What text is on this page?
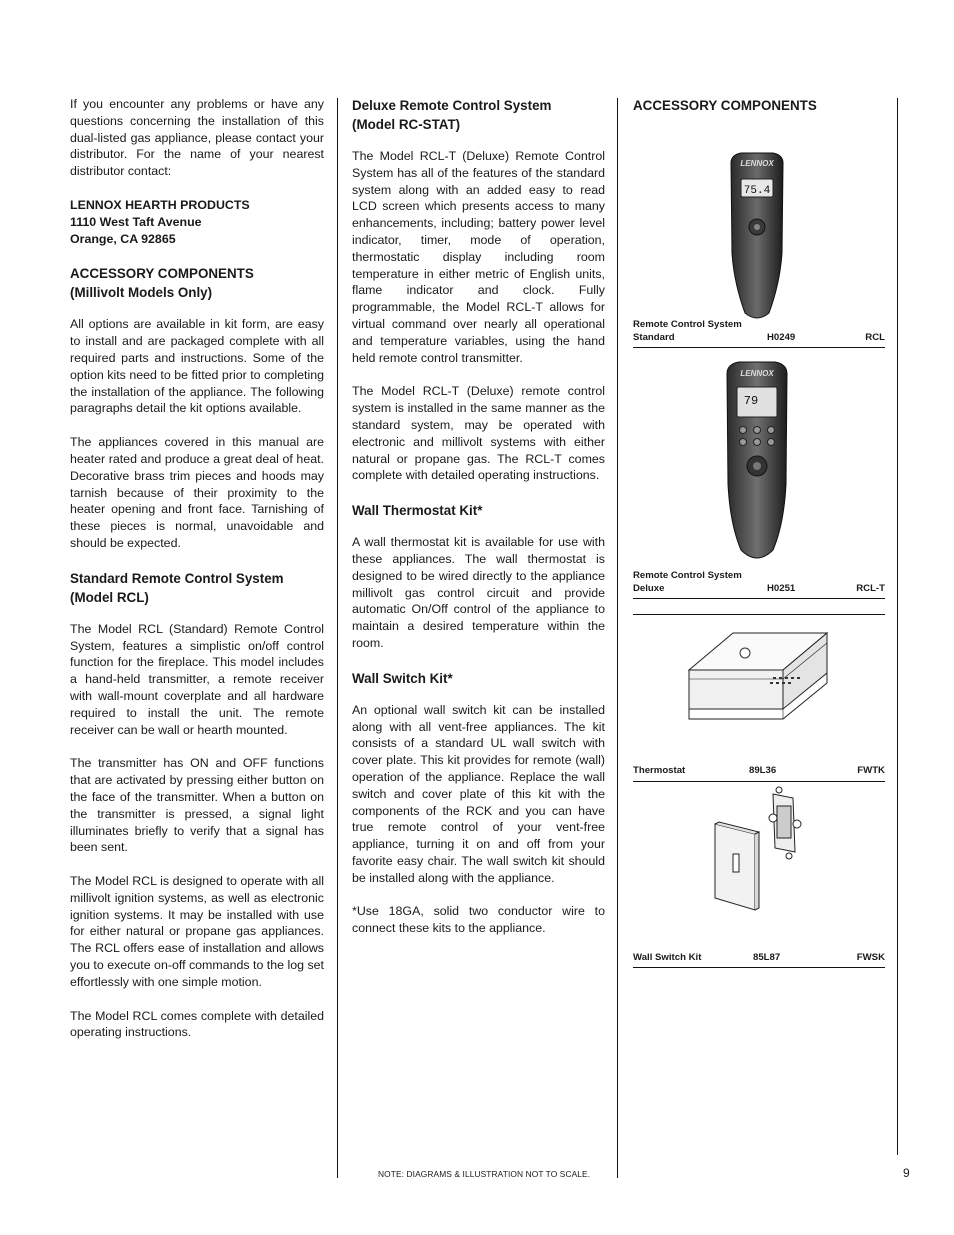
If you encounter any problems or have any questions concerning the installation of this dual-listed gas appliance, please contact your distributor. For the name of your nearest distributor contact:

LENNOX HEARTH PRODUCTS
1110 West Taft Avenue
Orange, CA 92865
ACCESSORY COMPONENTS
(Millivolt Models Only)

All options are available in kit form, are easy to install and are packaged complete with all required parts and instructions. Some of the option kits need to be fitted prior to completing the installation of the appliance. The following paragraphs detail the kit options available.

The appliances covered in this manual are heater rated and produce a great deal of heat. Decorative brass trim pieces and hoods may tarnish because of their proximity to the heater opening and front face. Tarnishing of these pieces is normal, unavoidable and should be expected.

Standard Remote Control System
(Model RCL)

The Model RCL (Standard) Remote Control System, features a simplistic on/off control function for the fireplace. This model includes a hand-held transmitter, a remote receiver with wall-mount coverplate and all hardware required to install the unit. The remote receiver can be wall or hearth mounted.

The transmitter has ON and OFF functions that are activated by pressing either button on the face of the transmitter. When a button on the transmitter is pressed, a signal light illuminates briefly to verify that a signal has been sent.

The Model RCL is designed to operate with all millivolt ignition systems, as well as electronic ignition systems. It may be installed with use for either natural or propane gas appliances. The RCL offers ease of installation and allows you to execute on-off commands to the log set effortlessly with one simple motion.

The Model RCL comes complete with detailed operating instructions.

Deluxe Remote Control System
(Model RC-STAT)

The Model RCL-T (Deluxe) Remote Control System has all of the features of the standard system along with an added easy to read LCD screen which presents access to many enhancements, including; battery power level indicator, timer, mode of operation, thermostatic display including room temperature in either metric of English units, flame indicator and clock. Fully programmable, the Model RCL-T allows for virtual command over nearly all operational and temperature variables, using the hand held remote control transmitter.

The Model RCL-T (Deluxe) remote control system is installed in the same manner as the standard system, may be operated with electronic and millivolt systems with either natural or propane gas. The RCL-T comes complete with detailed operating instructions.

Wall Thermostat Kit*

A wall thermostat kit is available for use with these appliances. The wall thermostat is designed to be wired directly to the appliance millivolt gas control circuit and provide automatic On/Off control of the appliance to maintain a desired temperature within the room.

Wall Switch Kit*

An optional wall switch kit can be installed along with all vent-free appliances. The kit consists of a standard UL wall switch with cover plate. This kit provides for remote (wall) operation of the appliance. Replace the wall switch and cover plate of this kit with the components of the RCK and you can have true remote control of your vent-free appliance, turning it on and off from your favorite easy chair. The wall switch kit should be installed along with the appliance.

*Use 18GA, solid two conductor wire to connect these kits to the appliance.

ACCESSORY COMPONENTS
LENNOX
75.4
Remote Control System
Standard	H0249	RCL
LENNOX
79
Remote Control System
Deluxe	H0251	RCL-T
Thermostat	89L36	FWTK
Wall Switch Kit	85L87	FWSK
NOTE: DIAGRAMS & ILLUSTRATION NOT TO SCALE.	9
